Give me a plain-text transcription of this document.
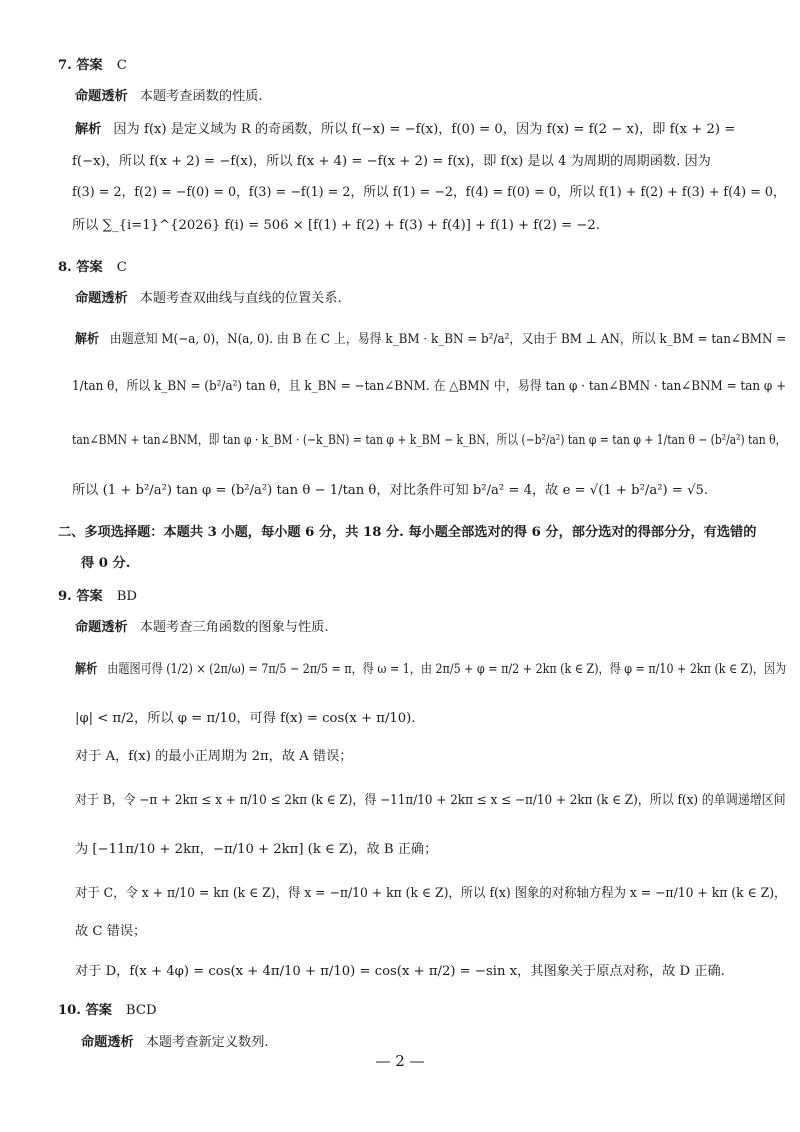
7. 答案 C
命题透析 本题考查函数的性质.
解析 因为 f(x) 是定义域为 R 的奇函数，所以 f(−x) = −f(x)，f(0) = 0，因为 f(x) = f(2 − x)，即 f(x + 2) =
f(−x)，所以 f(x + 2) = −f(x)，所以 f(x + 4) = −f(x + 2) = f(x)，即 f(x) 是以 4 为周期的周期函数. 因为
f(3) = 2，f(2) = −f(0) = 0，f(3) = −f(1) = 2，所以 f(1) = −2，f(4) = f(0) = 0，所以 f(1) + f(2) + f(3) + f(4) = 0，
所以 ∑_{i=1}^{2026} f(i) = 506 × [f(1) + f(2) + f(3) + f(4)] + f(1) + f(2) = −2.
8. 答案 C
命题透析 本题考查双曲线与直线的位置关系.
解析 由题意知 M(−a, 0)，N(a, 0). 由 B 在 C 上，易得 k_BM · k_BN = b²/a²，又由于 BM ⊥ AN，所以 k_BM = tan∠BMN =
1/tan θ，所以 k_BN = (b²/a²) tan θ，且 k_BN = −tan∠BNM. 在 △BMN 中，易得 tan φ · tan∠BMN · tan∠BNM = tan φ +
tan∠BMN + tan∠BNM，即 tan φ · k_BM · (−k_BN) = tan φ + k_BM − k_BN，所以 (−b²/a²) tan φ = tan φ + 1/tan θ − (b²/a²) tan θ，
所以 (1 + b²/a²) tan φ = (b²/a²) tan θ − 1/tan θ，对比条件可知 b²/a² = 4，故 e = √(1 + b²/a²) = √5.
二、多项选择题：本题共 3 小题，每小题 6 分，共 18 分. 每小题全部选对的得 6 分，部分选对的得部分分，有选错的
得 0 分.
9. 答案 BD
命题透析 本题考查三角函数的图象与性质.
解析 由题图可得 (1/2) × (2π/ω) = 7π/5 − 2π/5 = π，得 ω = 1，由 2π/5 + φ = π/2 + 2kπ (k ∈ Z)，得 φ = π/10 + 2kπ (k ∈ Z)，因为
|φ| < π/2，所以 φ = π/10，可得 f(x) = cos(x + π/10).
对于 A，f(x) 的最小正周期为 2π，故 A 错误；
对于 B，令 −π + 2kπ ≤ x + π/10 ≤ 2kπ (k ∈ Z)，得 −11π/10 + 2kπ ≤ x ≤ −π/10 + 2kπ (k ∈ Z)，所以 f(x) 的单调递增区间
为 [−11π/10 + 2kπ，−π/10 + 2kπ] (k ∈ Z)，故 B 正确；
对于 C，令 x + π/10 = kπ (k ∈ Z)，得 x = −π/10 + kπ (k ∈ Z)，所以 f(x) 图象的对称轴方程为 x = −π/10 + kπ (k ∈ Z)，
故 C 错误；
对于 D，f(x + 4φ) = cos(x + 4π/10 + π/10) = cos(x + π/2) = −sin x，其图象关于原点对称，故 D 正确.
10. 答案 BCD
命题透析 本题考查新定义数列.
— 2 —
